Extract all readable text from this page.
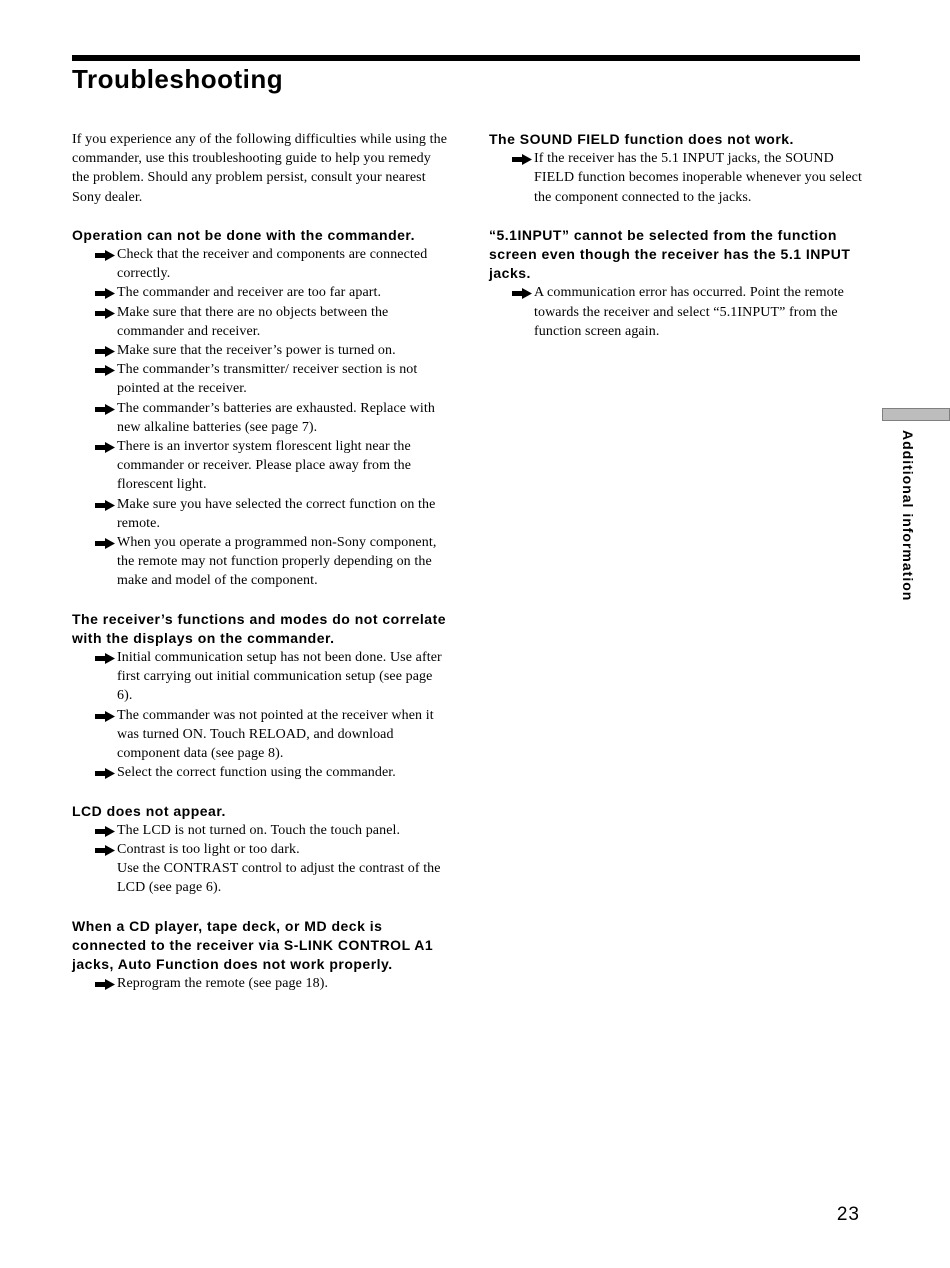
Troubleshooting

If you experience any of the following difficulties while using the commander, use this troubleshooting guide to help you remedy the problem. Should any problem persist, consult your nearest Sony dealer.

Operation can not be done with the commander.
Check that the receiver and components are connected correctly.
The commander and receiver are too far apart.
Make sure that there are no objects between the commander and receiver.
Make sure that the receiver’s power is turned on.
The commander’s transmitter/ receiver section is not pointed at the receiver.
The commander’s batteries are exhausted. Replace with new alkaline batteries (see page 7).
There is an invertor system florescent light near the commander or receiver. Please place away from the florescent light.
Make sure you have selected the correct function on the remote.
When you operate a programmed non-Sony component, the remote may not function properly depending on the make and model of the component.
The receiver’s functions and modes do not correlate with the displays on the commander.
Initial communication setup has not been done. Use after first carrying out initial communication setup (see page 6).
The commander was not pointed at the receiver when it was turned ON. Touch RELOAD, and download component data (see page 8).
Select the correct function using the commander.
LCD does not appear.
The LCD is not turned on. Touch the touch panel.
Contrast is too light or too dark.
Use the CONTRAST control to adjust the contrast of the LCD (see page 6).
When a CD player, tape deck, or MD deck is connected to the receiver via S-LINK CONTROL A1 jacks, Auto Function does not work properly.
Reprogram the remote (see page 18).
The SOUND FIELD function does not work.
If the receiver has the 5.1 INPUT jacks, the SOUND FIELD function becomes inoperable whenever you select the component connected to the jacks.
“5.1INPUT” cannot be selected from the function screen even though the receiver has the 5.1 INPUT jacks.
A communication error has occurred. Point the remote towards the receiver and select “5.1INPUT” from the function screen again.
Additional information
23
